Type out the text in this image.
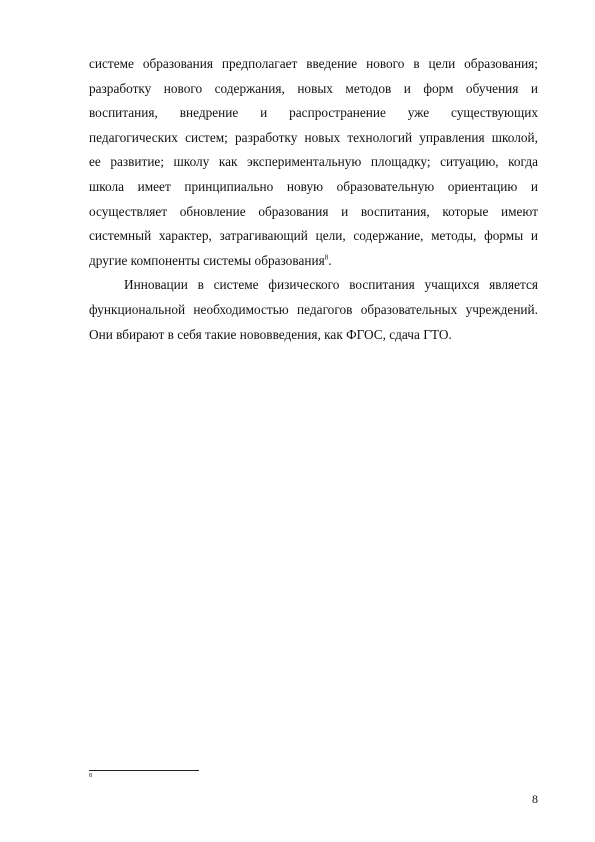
системе образования предполагает введение нового в цели образования;
разработку нового содержания, новых методов и форм обучения и
воспитания, внедрение и распространение уже существующих
педагогических систем; разработку новых технологий управления школой,
ее развитие; школу как экспериментальную площадку; ситуацию, когда
школа имеет принципиально новую образовательную ориентацию и
осуществляет обновление образования и воспитания, которые имеют
системный характер, затрагивающий цели, содержание, методы, формы и
другие компоненты системы образования$^8$.
Инновации в системе физического воспитания учащихся является
функциональной необходимостью педагогов образовательных учреждений.
Они вбирают в себя такие нововведения, как ФГОС, сдача ГТО.
8
8
